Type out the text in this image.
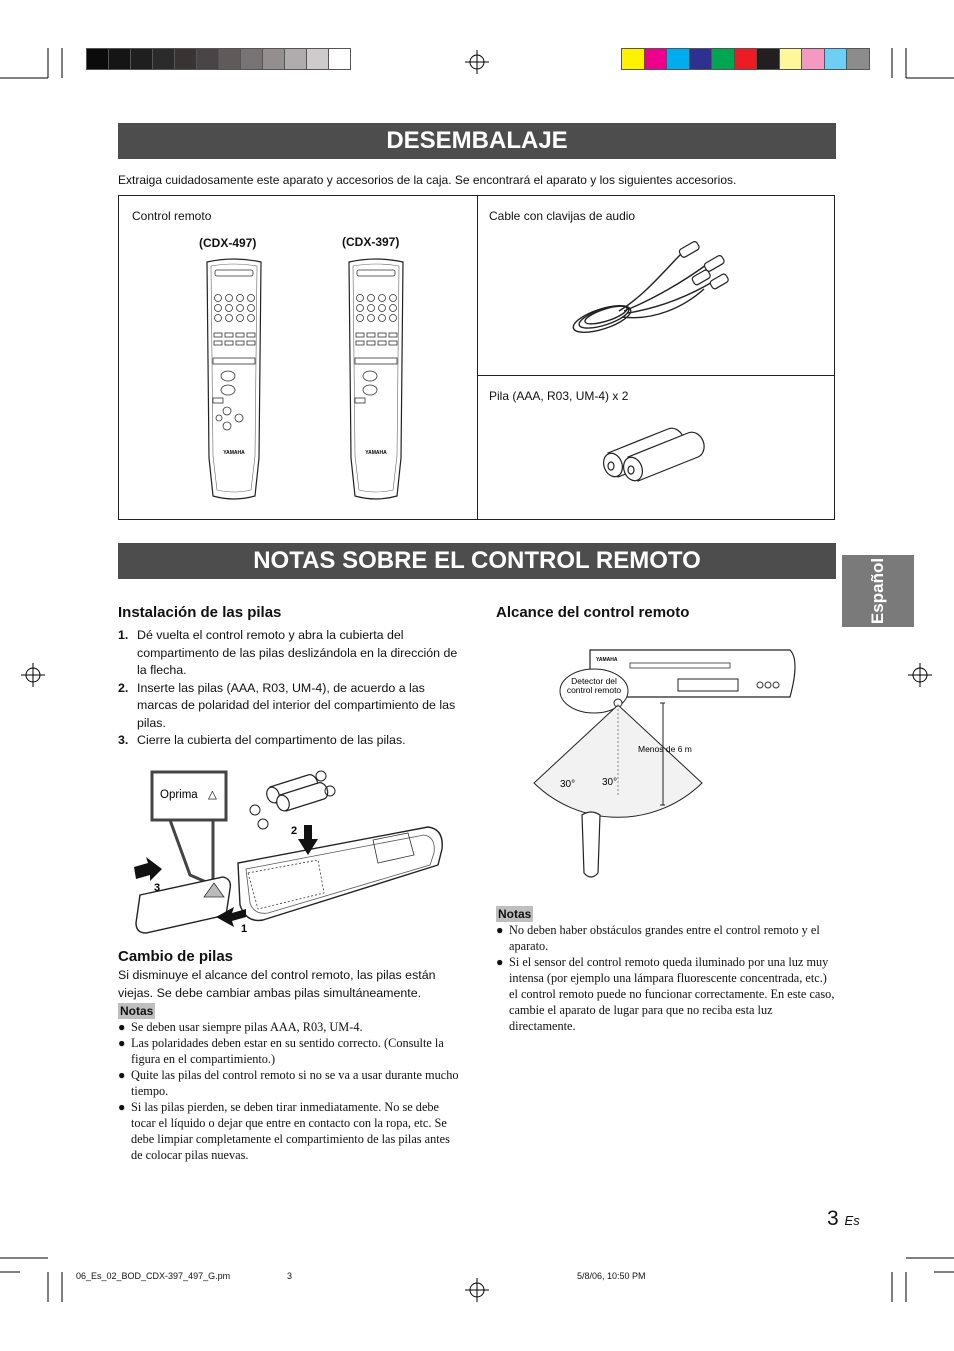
DESEMBALAJE
Extraiga cuidadosamente este aparato y accesorios de la caja. Se encontrará el aparato y los siguientes accesorios.
Control remoto
(CDX-497)	(CDX-397)
Cable con clavijas de audio
Pila (AAA, R03, UM-4) x 2
YAMAHA	YAMAHA
NOTAS SOBRE EL CONTROL REMOTO	Español
Instalación de las pilas
1. Dé vuelta el control remoto y abra la cubierta del compartimento de las pilas deslizándola en la dirección de la flecha.
2. Inserte las pilas (AAA, R03, UM-4), de acuerdo a las marcas de polaridad del interior del compartimiento de las pilas.
3. Cierre la cubierta del compartimento de las pilas.
Oprima △
1
2
3
Cambio de pilas
Si disminuye el alcance del control remoto, las pilas están viejas. Se debe cambiar ambas pilas simultáneamente.
Notas
● Se deben usar siempre pilas AAA, R03, UM-4.
● Las polaridades deben estar en su sentido correcto. (Consulte la figura en el compartimiento.)
● Quite las pilas del control remoto si no se va a usar durante mucho tiempo.
● Si las pilas pierden, se deben tirar inmediatamente. No se debe tocar el líquido o dejar que entre en contacto con la ropa, etc. Se debe limpiar completamente el compartimiento de las pilas antes de colocar pilas nuevas.
Alcance del control remoto
YAMAHA
Detector del
control remoto
Menos de 6 m
30°	30°
Notas
● No deben haber obstáculos grandes entre el control remoto y el aparato.
● Si el sensor del control remoto queda iluminado por una luz muy intensa (por ejemplo una lámpara fluorescente concentrada, etc.) el control remoto puede no funcionar correctamente. En este caso, cambie el aparato de lugar para que no reciba esta luz directamente.
3 Es
06_Es_02_BOD_CDX-397_497_G.pm	3	5/8/06, 10:50 PM
